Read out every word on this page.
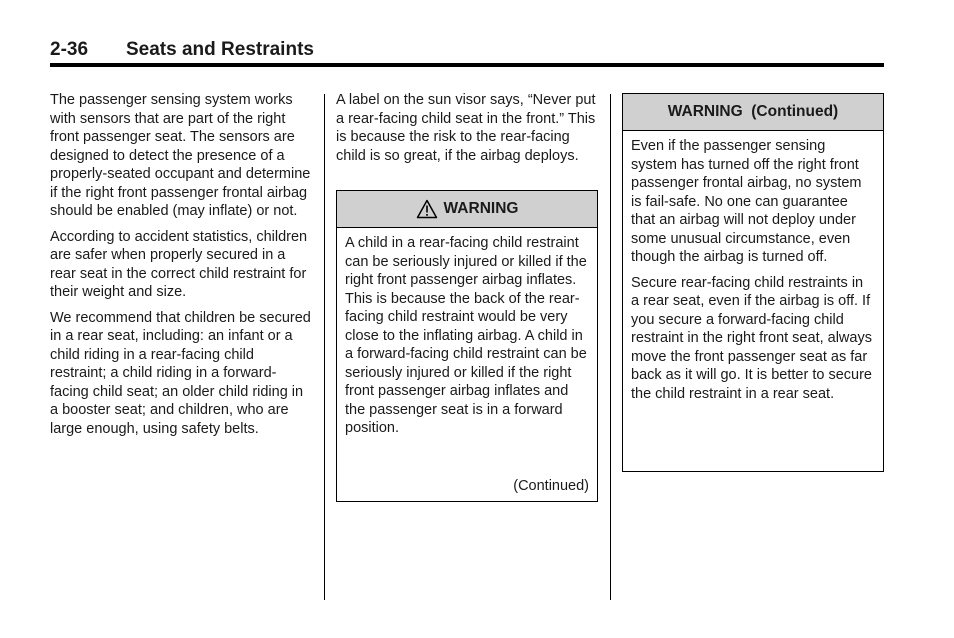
2-36	Seats and Restraints

The passenger sensing system works with sensors that are part of the right front passenger seat. The sensors are designed to detect the presence of a properly-seated occupant and determine if the right front passenger frontal airbag should be enabled (may inflate) or not.

According to accident statistics, children are safer when properly secured in a rear seat in the correct child restraint for their weight and size.

We recommend that children be secured in a rear seat, including: an infant or a child riding in a rear-facing child restraint; a child riding in a forward-facing child seat; an older child riding in a booster seat; and children, who are large enough, using safety belts.

A label on the sun visor says, “Never put a rear-facing child seat in the front.” This is because the risk to the rear-facing child is so great, if the airbag deploys.

WARNING

A child in a rear-facing child restraint can be seriously injured or killed if the right front passenger airbag inflates. This is because the back of the rear-facing child restraint would be very close to the inflating airbag. A child in a forward-facing child restraint can be seriously injured or killed if the right front passenger airbag inflates and the passenger seat is in a forward position.

(Continued)
WARNING  (Continued)

Even if the passenger sensing system has turned off the right front passenger frontal airbag, no system is fail-safe. No one can guarantee that an airbag will not deploy under some unusual circumstance, even though the airbag is turned off.

Secure rear-facing child restraints in a rear seat, even if the airbag is off. If you secure a forward-facing child restraint in the right front seat, always move the front passenger seat as far back as it will go. It is better to secure the child restraint in a rear seat.
